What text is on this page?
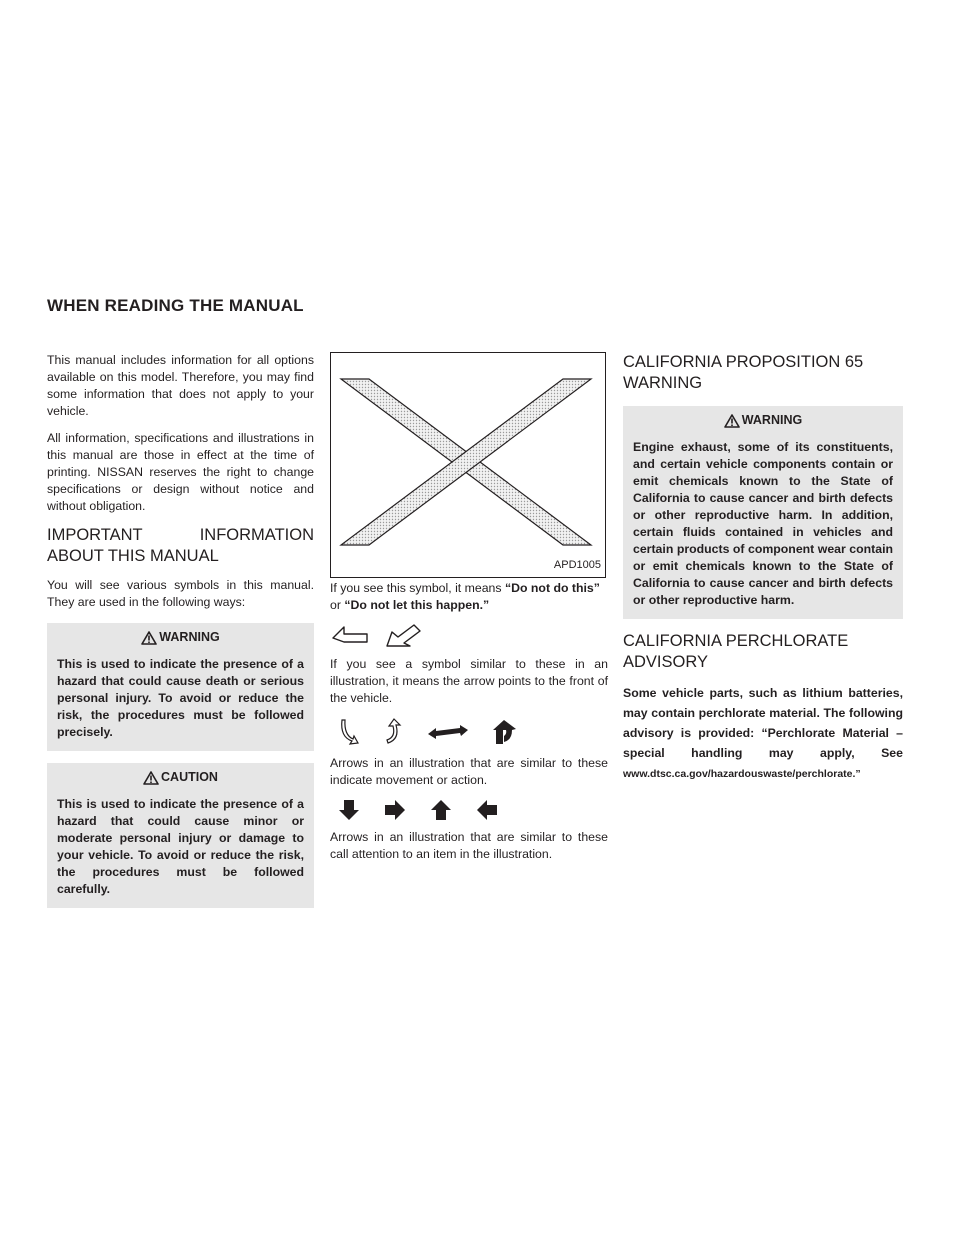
WHEN READING THE MANUAL

This manual includes information for all options available on this model. Therefore, you may find some information that does not apply to your vehicle.

All information, specifications and illustrations in this manual are those in effect at the time of printing. NISSAN reserves the right to change specifications or design without notice and without obligation.

IMPORTANT INFORMATION ABOUT THIS MANUAL

You will see various symbols in this manual. They are used in the following ways:

WARNING
This is used to indicate the presence of a hazard that could cause death or serious personal injury. To avoid or reduce the risk, the procedures must be followed precisely.
CAUTION
This is used to indicate the presence of a hazard that could cause minor or moderate personal injury or damage to your vehicle. To avoid or reduce the risk, the procedures must be followed carefully.
APD1005

If you see this symbol, it means “Do not do this” or “Do not let this happen.”

If you see a symbol similar to these in an illustration, it means the arrow points to the front of the vehicle.

Arrows in an illustration that are similar to these indicate movement or action.

Arrows in an illustration that are similar to these call attention to an item in the illustration.

CALIFORNIA PROPOSITION 65 WARNING
WARNING
Engine exhaust, some of its constituents, and certain vehicle components contain or emit chemicals known to the State of California to cause cancer and birth defects or other reproductive harm. In addition, certain fluids contained in vehicles and certain products of component wear contain or emit chemicals known to the State of California to cause cancer and birth defects or other reproductive harm.
CALIFORNIA PERCHLORATE ADVISORY
Some vehicle parts, such as lithium batteries, may contain perchlorate material. The following advisory is provided: “Perchlorate Material – special handling may apply, See www.dtsc.ca.gov/hazardouswaste/perchlorate.”
